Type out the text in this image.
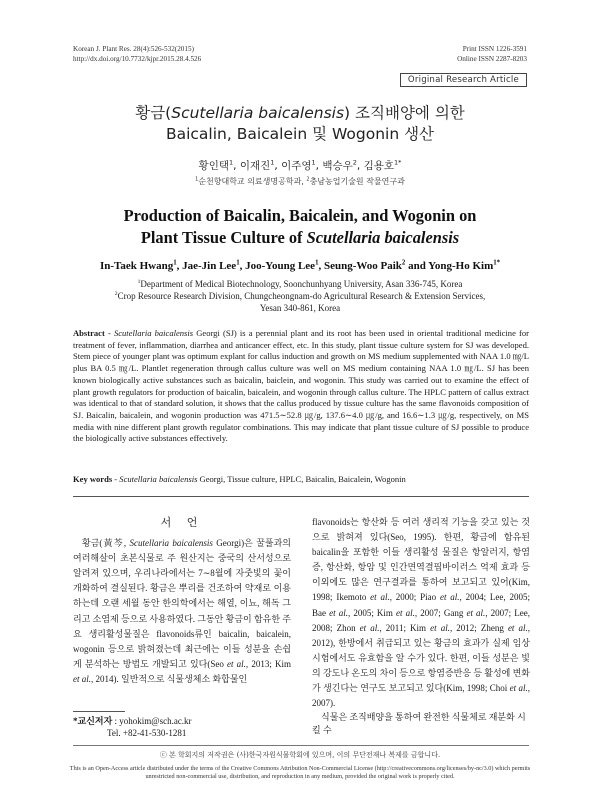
Korean J. Plant Res. 28(4):526-532(2015)
http://dx.doi.org/10.7732/kjpr.2015.28.4.526
Print ISSN 1226-3591
Online ISSN 2287-8203
Original Research Article
황금(Scutellaria baicalensis) 조직배양에 의한
Baicalin, Baicalein 및 Wogonin 생산
황인택$^1$, 이재진$^1$, 이주영$^1$, 백승우$^2$, 김용호$^{1*}$
$^1$순천향대학교 의료생명공학과, $^2$충남농업기술원 작물연구과
Production of Baicalin, Baicalein, and Wogonin on
Plant Tissue Culture of Scutellaria baicalensis
In-Taek Hwang$^1$, Jae-Jin Lee$^1$, Joo-Young Lee$^1$, Seung-Woo Paik$^2$ and Yong-Ho Kim$^{1*}$
$^1$Department of Medical Biotechnology, Soonchunhyang University, Asan 336-745, Korea
$^2$Crop Resource Research Division, Chungcheongnam-do Agricultural Research & Extension Services,
Yesan 340-861, Korea
Abstract - Scutellaria baicalensis Georgi (SJ) is a perennial plant and its root has been used in oriental traditional medicine for treatment of fever, inflammation, diarrhea and anticancer effect, etc. In this study, plant tissue culture system for SJ was developed. Stem piece of younger plant was optimum explant for callus induction and growth on MS medium supplemented with NAA 1.0 ㎎/L plus BA 0.5 ㎎/L. Plantlet regeneration through callus culture was well on MS medium containing NAA 1.0 ㎎/L. SJ has been known biologically active substances such as baicalin, baiclein, and wogonin. This study was carried out to examine the effect of plant growth regulators for production of baicalin, baicalein, and wogonin through callus culture. The HPLC pattern of callus extract was identical to that of standard solution, it shows that the callus produced by tissue culture has the same flavonoids composition of SJ. Baicalin, baicalein, and wogonin production was 471.5∼52.8 ㎍/g, 137.6∼4.0 ㎍/g, and 16.6∼1.3 ㎍/g, respectively, on MS media with nine different plant growth regulator combinations. This may indicate that plant tissue culture of SJ possible to produce the biologically active substances effectively.
Key words - Scutellaria baicalensis Georgi, Tissue culture, HPLC, Baicalin, Baicalein, Wogonin
서 언
황금(黃芩, Scutellaria baicalensis Georgi)은 꿀풀과의 여러해살이 초본식물로 주 원산지는 중국의 산서성으로 알려져 있으며, 우리나라에서는 7∼8월에 자줏빛의 꽃이 개화하여 결실된다. 황금은 뿌리를 건조하여 약재로 이용하는데 오랜 세월 동안 한의학에서는 해열, 이뇨, 해독 그리고 소염제 등으로 사용하였다. 그동안 황금이 함유한 주요 생리활성물질은 flavonoids류인 baicalin, baicalein, wogonin 등으로 밝혀졌는데 최근에는 이들 성분을 손쉽게 분석하는 방법도 개발되고 있다(Seo et al., 2013; Kim et al., 2014). 일반적으로 식물생체소 화합물인
flavonoids는 항산화 등 여러 생리적 기능을 갖고 있는 것으로 밝혀져 있다(Seo, 1995). 한편, 황금에 함유된 baicalin을 포함한 이들 생리활성 물질은 항알러지, 항염증, 항산화, 항암 및 인간면역결핍바이러스 억제 효과 등 이외에도 많은 연구결과를 통하여 보고되고 있어(Kim, 1998; Ikemoto et al., 2000; Piao et al., 2004; Lee, 2005; Bae et al., 2005; Kim et al., 2007; Gang et al., 2007; Lee, 2008; Zhon et al., 2011; Kim et al., 2012; Zheng et al., 2012), 한방에서 취급되고 있는 황금의 효과가 실제 임상시험에서도 유효함을 알 수가 있다. 한편, 이들 성분은 빛의 강도나 온도의 차이 등으로 항염증반응 등 활성에 변화가 생긴다는 연구도 보고되고 있다(Kim, 1998; Choi et al., 2007).
*교신저자 : yohokim@sch.ac.kr
Tel. +82-41-530-1281
식물은 조직배양을 통하여 완전한 식물체로 재분화 시킬 수
ⓒ 본 학회지의 저작권은 (사)한국자원식물학회에 있으며, 이의 무단전재나 복제를 금합니다.
This is an Open-Access article distributed under the terms of the Creative Commons Attribution Non-Commercial License (http://creativecommons.org/licenses/by-nc/3.0) which permits unrestricted non-commercial use, distribution, and reproduction in any medium, provided the original work is properly cited.
